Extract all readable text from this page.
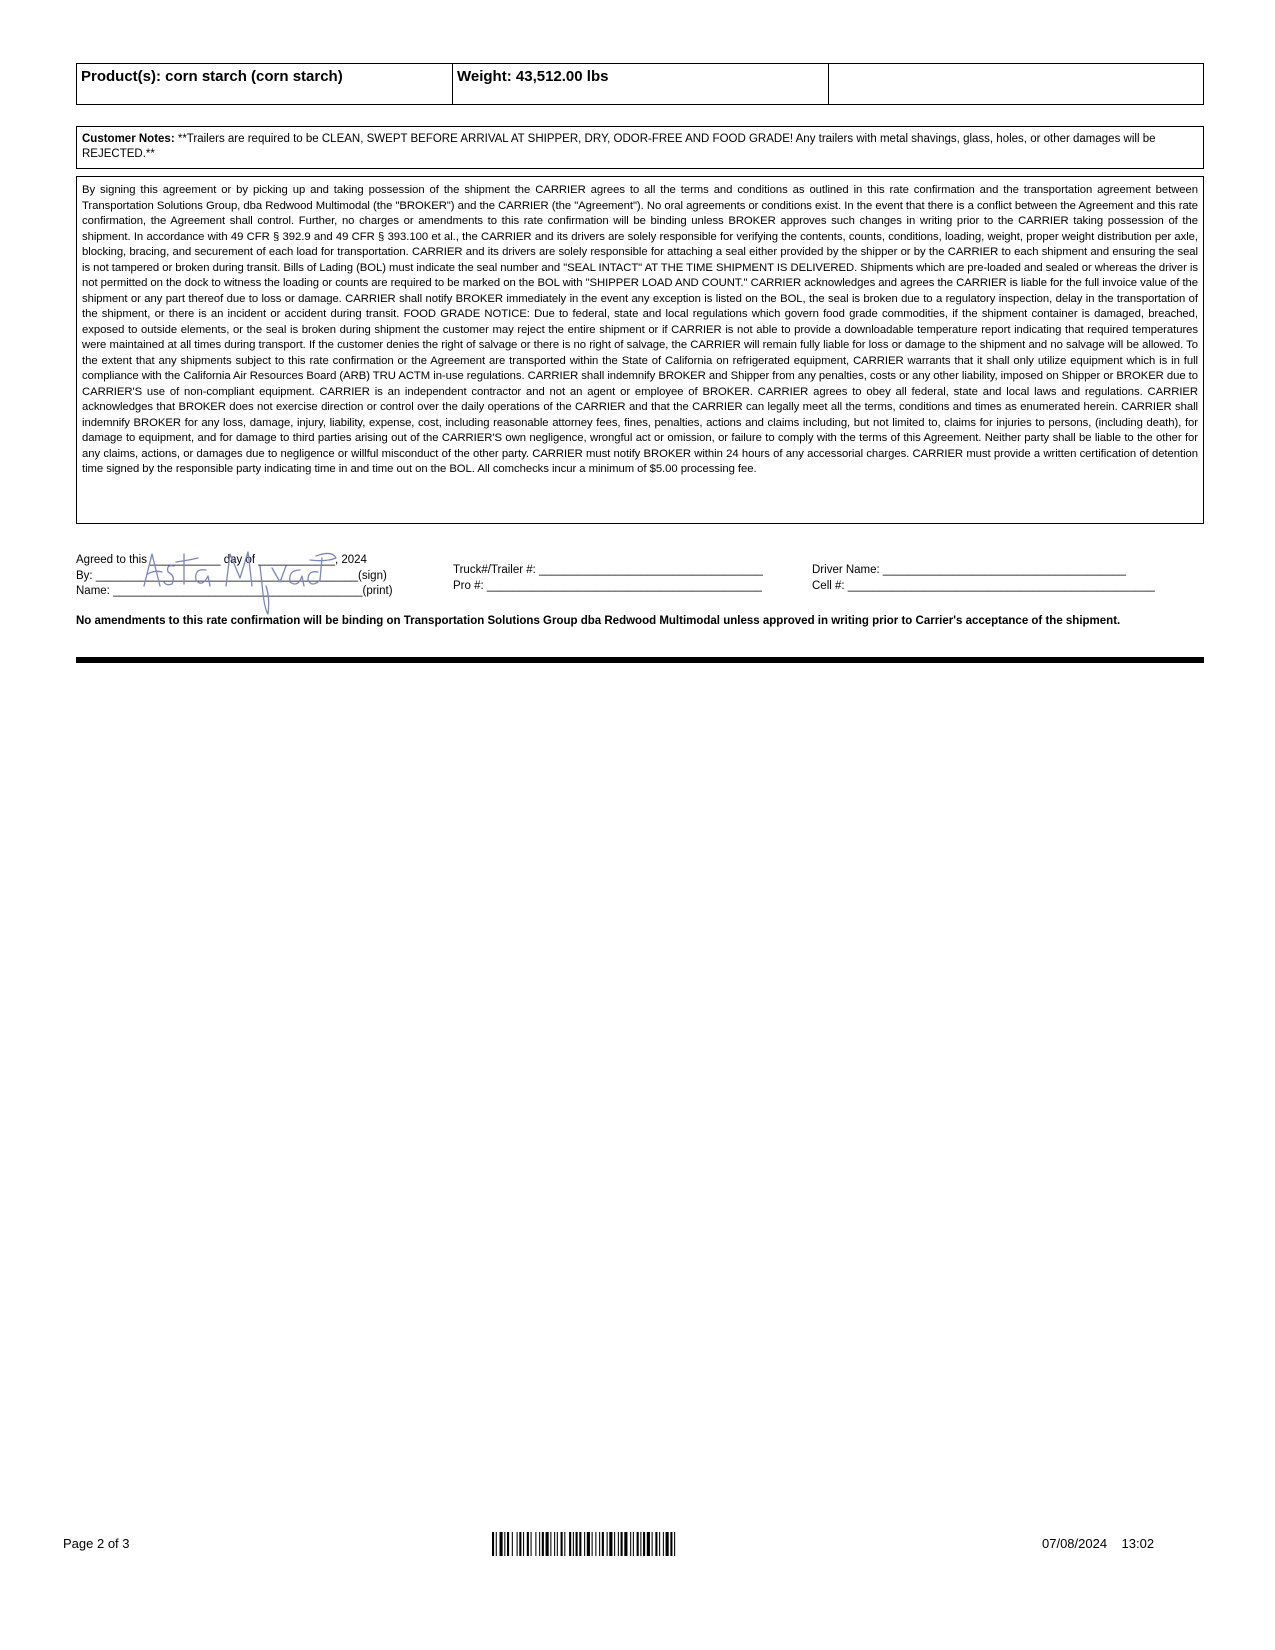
Product(s): corn starch (corn starch)	Weight: 43,512.00 lbs
Customer Notes: **Trailers are required to be CLEAN, SWEPT BEFORE ARRIVAL AT SHIPPER, DRY, ODOR-FREE AND FOOD GRADE! Any trailers with metal shavings, glass, holes, or other damages will be REJECTED.**
By signing this agreement or by picking up and taking possession of the shipment the CARRIER agrees to all the terms and conditions as outlined in this rate confirmation and the transportation agreement between Transportation Solutions Group, dba Redwood Multimodal (the "BROKER") and the CARRIER (the "Agreement"). No oral agreements or conditions exist. In the event that there is a conflict between the Agreement and this rate confirmation, the Agreement shall control. Further, no charges or amendments to this rate confirmation will be binding unless BROKER approves such changes in writing prior to the CARRIER taking possession of the shipment. In accordance with 49 CFR § 392.9 and 49 CFR § 393.100 et al., the CARRIER and its drivers are solely responsible for verifying the contents, counts, conditions, loading, weight, proper weight distribution per axle, blocking, bracing, and securement of each load for transportation. CARRIER and its drivers are solely responsible for attaching a seal either provided by the shipper or by the CARRIER to each shipment and ensuring the seal is not tampered or broken during transit. Bills of Lading (BOL) must indicate the seal number and "SEAL INTACT" AT THE TIME SHIPMENT IS DELIVERED. Shipments which are pre-loaded and sealed or whereas the driver is not permitted on the dock to witness the loading or counts are required to be marked on the BOL with "SHIPPER LOAD AND COUNT." CARRIER acknowledges and agrees the CARRIER is liable for the full invoice value of the shipment or any part thereof due to loss or damage. CARRIER shall notify BROKER immediately in the event any exception is listed on the BOL, the seal is broken due to a regulatory inspection, delay in the transportation of the shipment, or there is an incident or accident during transit. FOOD GRADE NOTICE: Due to federal, state and local regulations which govern food grade commodities, if the shipment container is damaged, breached, exposed to outside elements, or the seal is broken during shipment the customer may reject the entire shipment or if CARRIER is not able to provide a downloadable temperature report indicating that required temperatures were maintained at all times during transport. If the customer denies the right of salvage or there is no right of salvage, the CARRIER will remain fully liable for loss or damage to the shipment and no salvage will be allowed. To the extent that any shipments subject to this rate confirmation or the Agreement are transported within the State of California on refrigerated equipment, CARRIER warrants that it shall only utilize equipment which is in full compliance with the California Air Resources Board (ARB) TRU ACTM in-use regulations. CARRIER shall indemnify BROKER and Shipper from any penalties, costs or any other liability, imposed on Shipper or BROKER due to CARRIER'S use of non-compliant equipment. CARRIER is an independent contractor and not an agent or employee of BROKER. CARRIER agrees to obey all federal, state and local laws and regulations. CARRIER acknowledges that BROKER does not exercise direction or control over the daily operations of the CARRIER and that the CARRIER can legally meet all the terms, conditions and times as enumerated herein. CARRIER shall indemnify BROKER for any loss, damage, injury, liability, expense, cost, including reasonable attorney fees, fines, penalties, actions and claims including, but not limited to, claims for injuries to persons, (including death), for damage to equipment, and for damage to third parties arising out of the CARRIER'S own negligence, wrongful act or omission, or failure to comply with the terms of this Agreement. Neither party shall be liable to the other for any claims, actions, or damages due to negligence or willful misconduct of the other party. CARRIER must notify BROKER within 24 hours of any accessorial charges. CARRIER must provide a written certification of detention time signed by the responsible party indicating time in and time out on the BOL. All comchecks incur a minimum of $5.00 processing fee.
Agreed to this ___________ day of ____________, 2024
By: _________________________________________(sign)
Name: _______________________________________(print)
Truck#/Trailer #: ___________________________________
Pro #: ___________________________________________
Driver Name: ______________________________________
Cell #: ________________________________________________
No amendments to this rate confirmation will be binding on Transportation Solutions Group dba Redwood Multimodal unless approved in writing prior to Carrier's acceptance of the shipment.
Page 2 of 3	07/08/2024    13:02
